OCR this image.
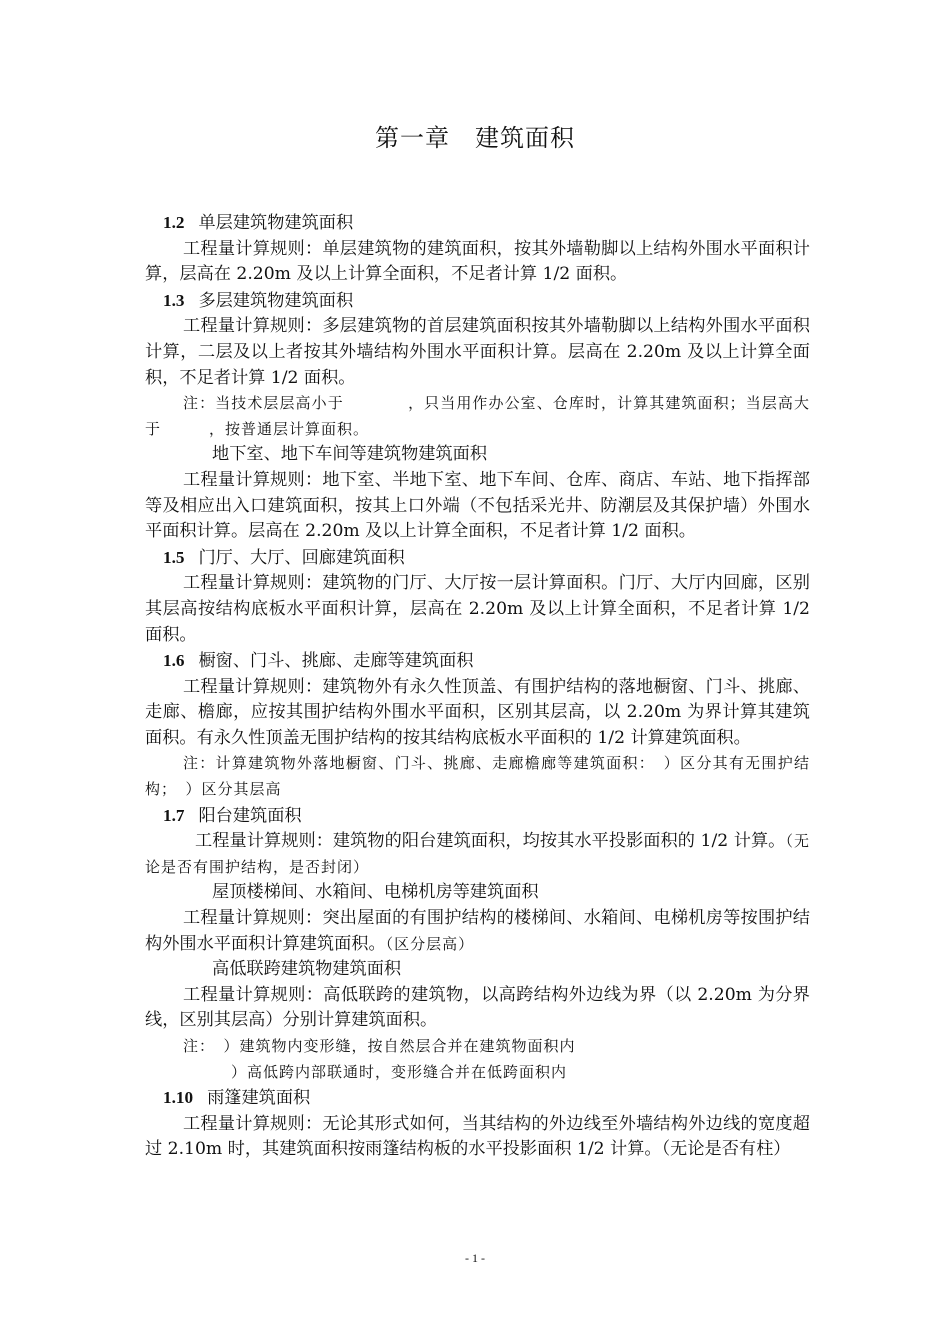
第一章　建筑面积

1.2 单层建筑物建筑面积

工程量计算规则：单层建筑物的建筑面积，按其外墙勒脚以上结构外围水平面积计算，层高在 2.20m 及以上计算全面积，不足者计算 1/2 面积。

1.3 多层建筑物建筑面积

工程量计算规则：多层建筑物的首层建筑面积按其外墙勒脚以上结构外围水平面积计算，二层及以上者按其外墙结构外围水平面积计算。层高在 2.20m 及以上计算全面积，不足者计算 1/2 面积。

注：当技术层层高小于　　　　，只当用作办公室、仓库时，计算其建筑面积；当层高大于　　　，按普通层计算面积。

地下室、地下车间等建筑物建筑面积

工程量计算规则：地下室、半地下室、地下车间、仓库、商店、车站、地下指挥部等及相应出入口建筑面积，按其上口外端（不包括采光井、防潮层及其保护墙）外围水平面积计算。层高在 2.20m 及以上计算全面积，不足者计算 1/2 面积。

1.5 门厅、大厅、回廊建筑面积

工程量计算规则：建筑物的门厅、大厅按一层计算面积。门厅、大厅内回廊，区别其层高按结构底板水平面积计算，层高在 2.20m 及以上计算全面积，不足者计算 1/2 面积。

1.6 橱窗、门斗、挑廊、走廊等建筑面积

工程量计算规则：建筑物外有永久性顶盖、有围护结构的落地橱窗、门斗、挑廊、走廊、檐廊，应按其围护结构外围水平面积，区别其层高，以 2.20m 为界计算其建筑面积。有永久性顶盖无围护结构的按其结构底板水平面积的 1/2 计算建筑面积。

注：计算建筑物外落地橱窗、门斗、挑廊、走廊檐廊等建筑面积：　）区分其有无围护结构；　）区分其层高

1.7 阳台建筑面积

工程量计算规则：建筑物的阳台建筑面积，均按其水平投影面积的 1/2 计算。（无论是否有围护结构，是否封闭）

屋顶楼梯间、水箱间、电梯机房等建筑面积

工程量计算规则：突出屋面的有围护结构的楼梯间、水箱间、电梯机房等按围护结构外围水平面积计算建筑面积。（区分层高）

高低联跨建筑物建筑面积

工程量计算规则：高低联跨的建筑物，以高跨结构外边线为界（以 2.20m 为分界线，区别其层高）分别计算建筑面积。

注：　）建筑物内变形缝，按自然层合并在建筑物面积内

）高低跨内部联通时，变形缝合并在低跨面积内

1.10 雨篷建筑面积

工程量计算规则：无论其形式如何，当其结构的外边线至外墙结构外边线的宽度超过 2.10m 时，其建筑面积按雨篷结构板的水平投影面积 1/2 计算。（无论是否有柱）

- 1 -
